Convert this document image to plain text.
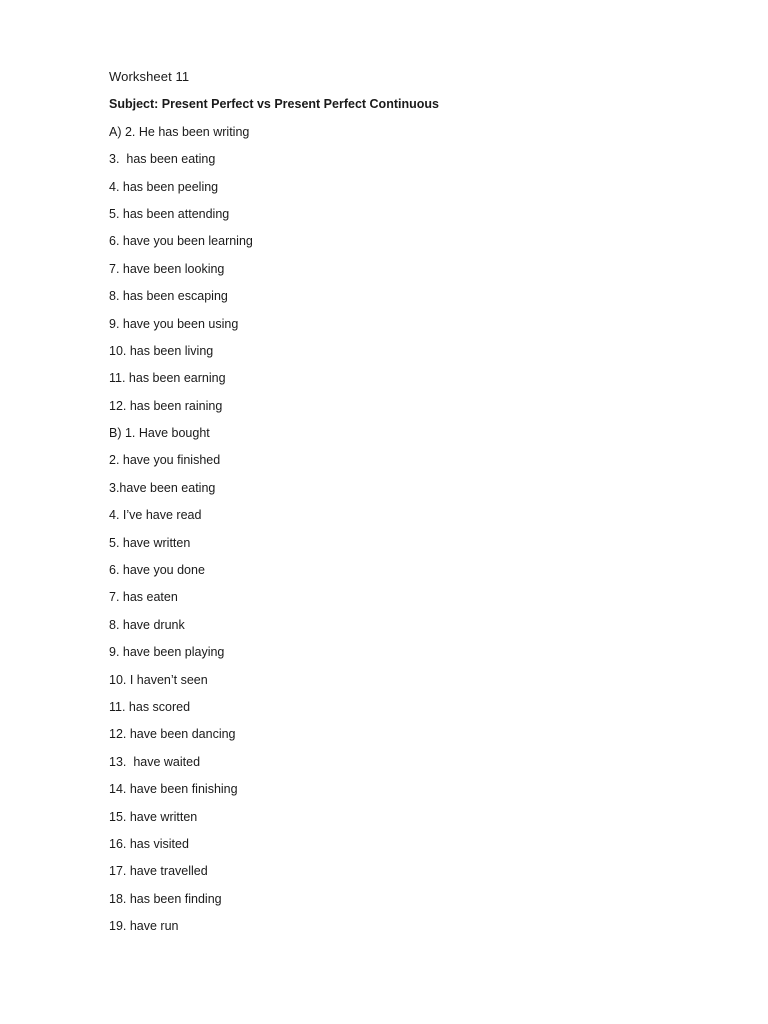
Worksheet 11
Subject: Present Perfect vs Present Perfect Continuous
A) 2. He has been writing
3.  has been eating
4. has been peeling
5. has been attending
6. have you been learning
7. have been looking
8. has been escaping
9. have you been using
10. has been living
11. has been earning
12. has been raining
B) 1. Have bought
2. have you finished
3.have been eating
4. I’ve have read
5. have written
6. have you done
7. has eaten
8. have drunk
9. have been playing
10. I haven’t seen
11. has scored
12. have been dancing
13.  have waited
14. have been finishing
15. have written
16. has visited
17. have travelled
18. has been finding
19. have run
